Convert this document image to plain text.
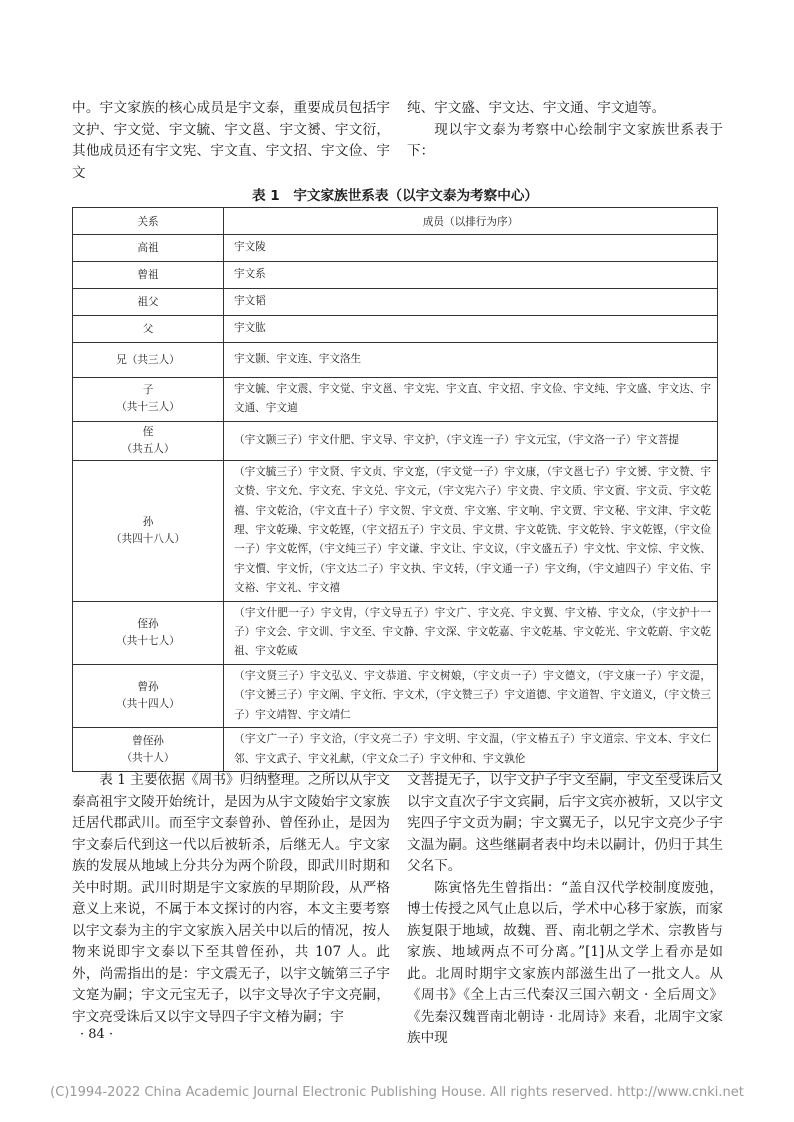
中。宇文家族的核心成员是宇文泰，重要成员包括宇文护、宇文觉、宇文毓、宇文邕、宇文赟、宇文衍，其他成员还有宇文宪、宇文直、宇文招、宇文俭、宇文

纯、宇文盛、宇文达、宇文通、宇文逌等。

现以宇文泰为考察中心绘制宇文家族世系表于下：

表 1　宇文家族世系表（以宇文泰为考察中心）
关系	成员（以排行为序）
高祖	宇文陵
曾祖	宇文系
祖父	宇文韬
父	宇文肱
兄（共三人）	宇文颢、宇文连、宇文洛生
子
（共十三人）	宇文毓、宇文震、宇文觉、宇文邕、宇文宪、宇文直、宇文招、宇文俭、宇文纯、宇文盛、宇文达、宇文通、宇文逌
侄
（共五人）	（宇文颢三子）宇文什肥、宇文导、宇文护，（宇文连一子）宇文元宝，（宇文洛一子）宇文菩提
孙
（共四十八人）	（宇文毓三子）宇文贤、宇文贞、宇文寔，（宇文觉一子）宇文康，（宇文邕七子）宇文赟、宇文赞、宇文贽、宇文允、宇文充、宇文兑、宇文元，（宇文宪六子）宇文贵、宇文质、宇文賨、宇文贡、宇文乾禧、宇文乾洽，（宇文直十子）宇文贺、宇文贲、宇文塞、宇文响、宇文贾、宇文秘、宇文津、宇文乾理、宇文乾璪、宇文乾铿，（宇文招五子）宇文员、宇文贯、宇文乾铣、宇文乾铃、宇文乾铿，（宇文俭一子）宇文乾恽，（宇文纯三子）宇文谦、宇文让、宇文议，（宇文盛五子）宇文忱、宇文悰、宇文恢、宇文懫、宇文忻，（宇文达二子）宇文执、宇文转，（宇文通一子）宇文绚，（宇文逌四子）宇文佑、宇文裕、宇文礼、宇文禧
侄孙
（共十七人）	（宇文什肥一子）宇文胄，（宇文导五子）宇文广、宇文亮、宇文翼、宇文椿、宇文众，（宇文护十一子）宇文会、宇文训、宇文至、宇文静、宇文深、宇文乾嘉、宇文乾基、宇文乾光、宇文乾蔚、宇文乾祖、宇文乾威
曾孙
（共十四人）	（宇文贤三子）宇文弘义、宇文恭道、宇文树娘，（宇文贞一子）宇文德文，（宇文康一子）宇文湜，（宇文赟三子）宇文阐、宇文衎、宇文术，（宇文赞三子）宇文道德、宇文道智、宇文道义，（宇文贽三子）宇文靖智、宇文靖仁
曾侄孙
（共十人）	（宇文广一子）宇文洽，（宇文亮二子）宇文明、宇文温，（宇文椿五子）宇文道宗、宇文本、宇文仁邻、宇文武子、宇文礼献，（宇文众二子）宇文仲和、宇文孰伦

表 1 主要依据《周书》归纳整理。之所以从宇文泰高祖宇文陵开始统计，是因为从宇文陵始宇文家族迁居代郡武川。而至宇文泰曾孙、曾侄孙止，是因为宇文泰后代到这一代以后被斩杀，后继无人。宇文家族的发展从地域上分共分为两个阶段，即武川时期和关中时期。武川时期是宇文家族的早期阶段，从严格意义上来说，不属于本文探讨的内容，本文主要考察以宇文泰为主的宇文家族入居关中以后的情况，按人物来说即宇文泰以下至其曾侄孙，共 107 人。此外，尚需指出的是：宇文震无子，以宇文毓第三子宇文寔为嗣；宇文元宝无子，以宇文导次子宇文亮嗣，宇文亮受诛后又以宇文导四子宇文椿为嗣；宇

文菩提无子，以宇文护子宇文至嗣，宇文至受诛后又以宇文直次子宇文宾嗣，后宇文宾亦被斩，又以宇文宪四子宇文贡为嗣；宇文翼无子，以兄宇文亮少子宇文温为嗣。这些继嗣者表中均未以嗣计，仍归于其生父名下。

陈寅恪先生曾指出：“盖自汉代学校制度废弛，博士传授之风气止息以后，学术中心移于家族，而家族复限于地域，故魏、晋、南北朝之学术、宗教皆与家族、地域两点不可分离。”[1]从文学上看亦是如此。北周时期宇文家族内部滋生出了一批文人。从《周书》《全上古三代秦汉三国六朝文 · 全后周文》《先秦汉魏晋南北朝诗 · 北周诗》来看，北周宇文家族中现

· 84 ·
(C)1994-2022 China Academic Journal Electronic Publishing House. All rights reserved. http://www.cnki.net
